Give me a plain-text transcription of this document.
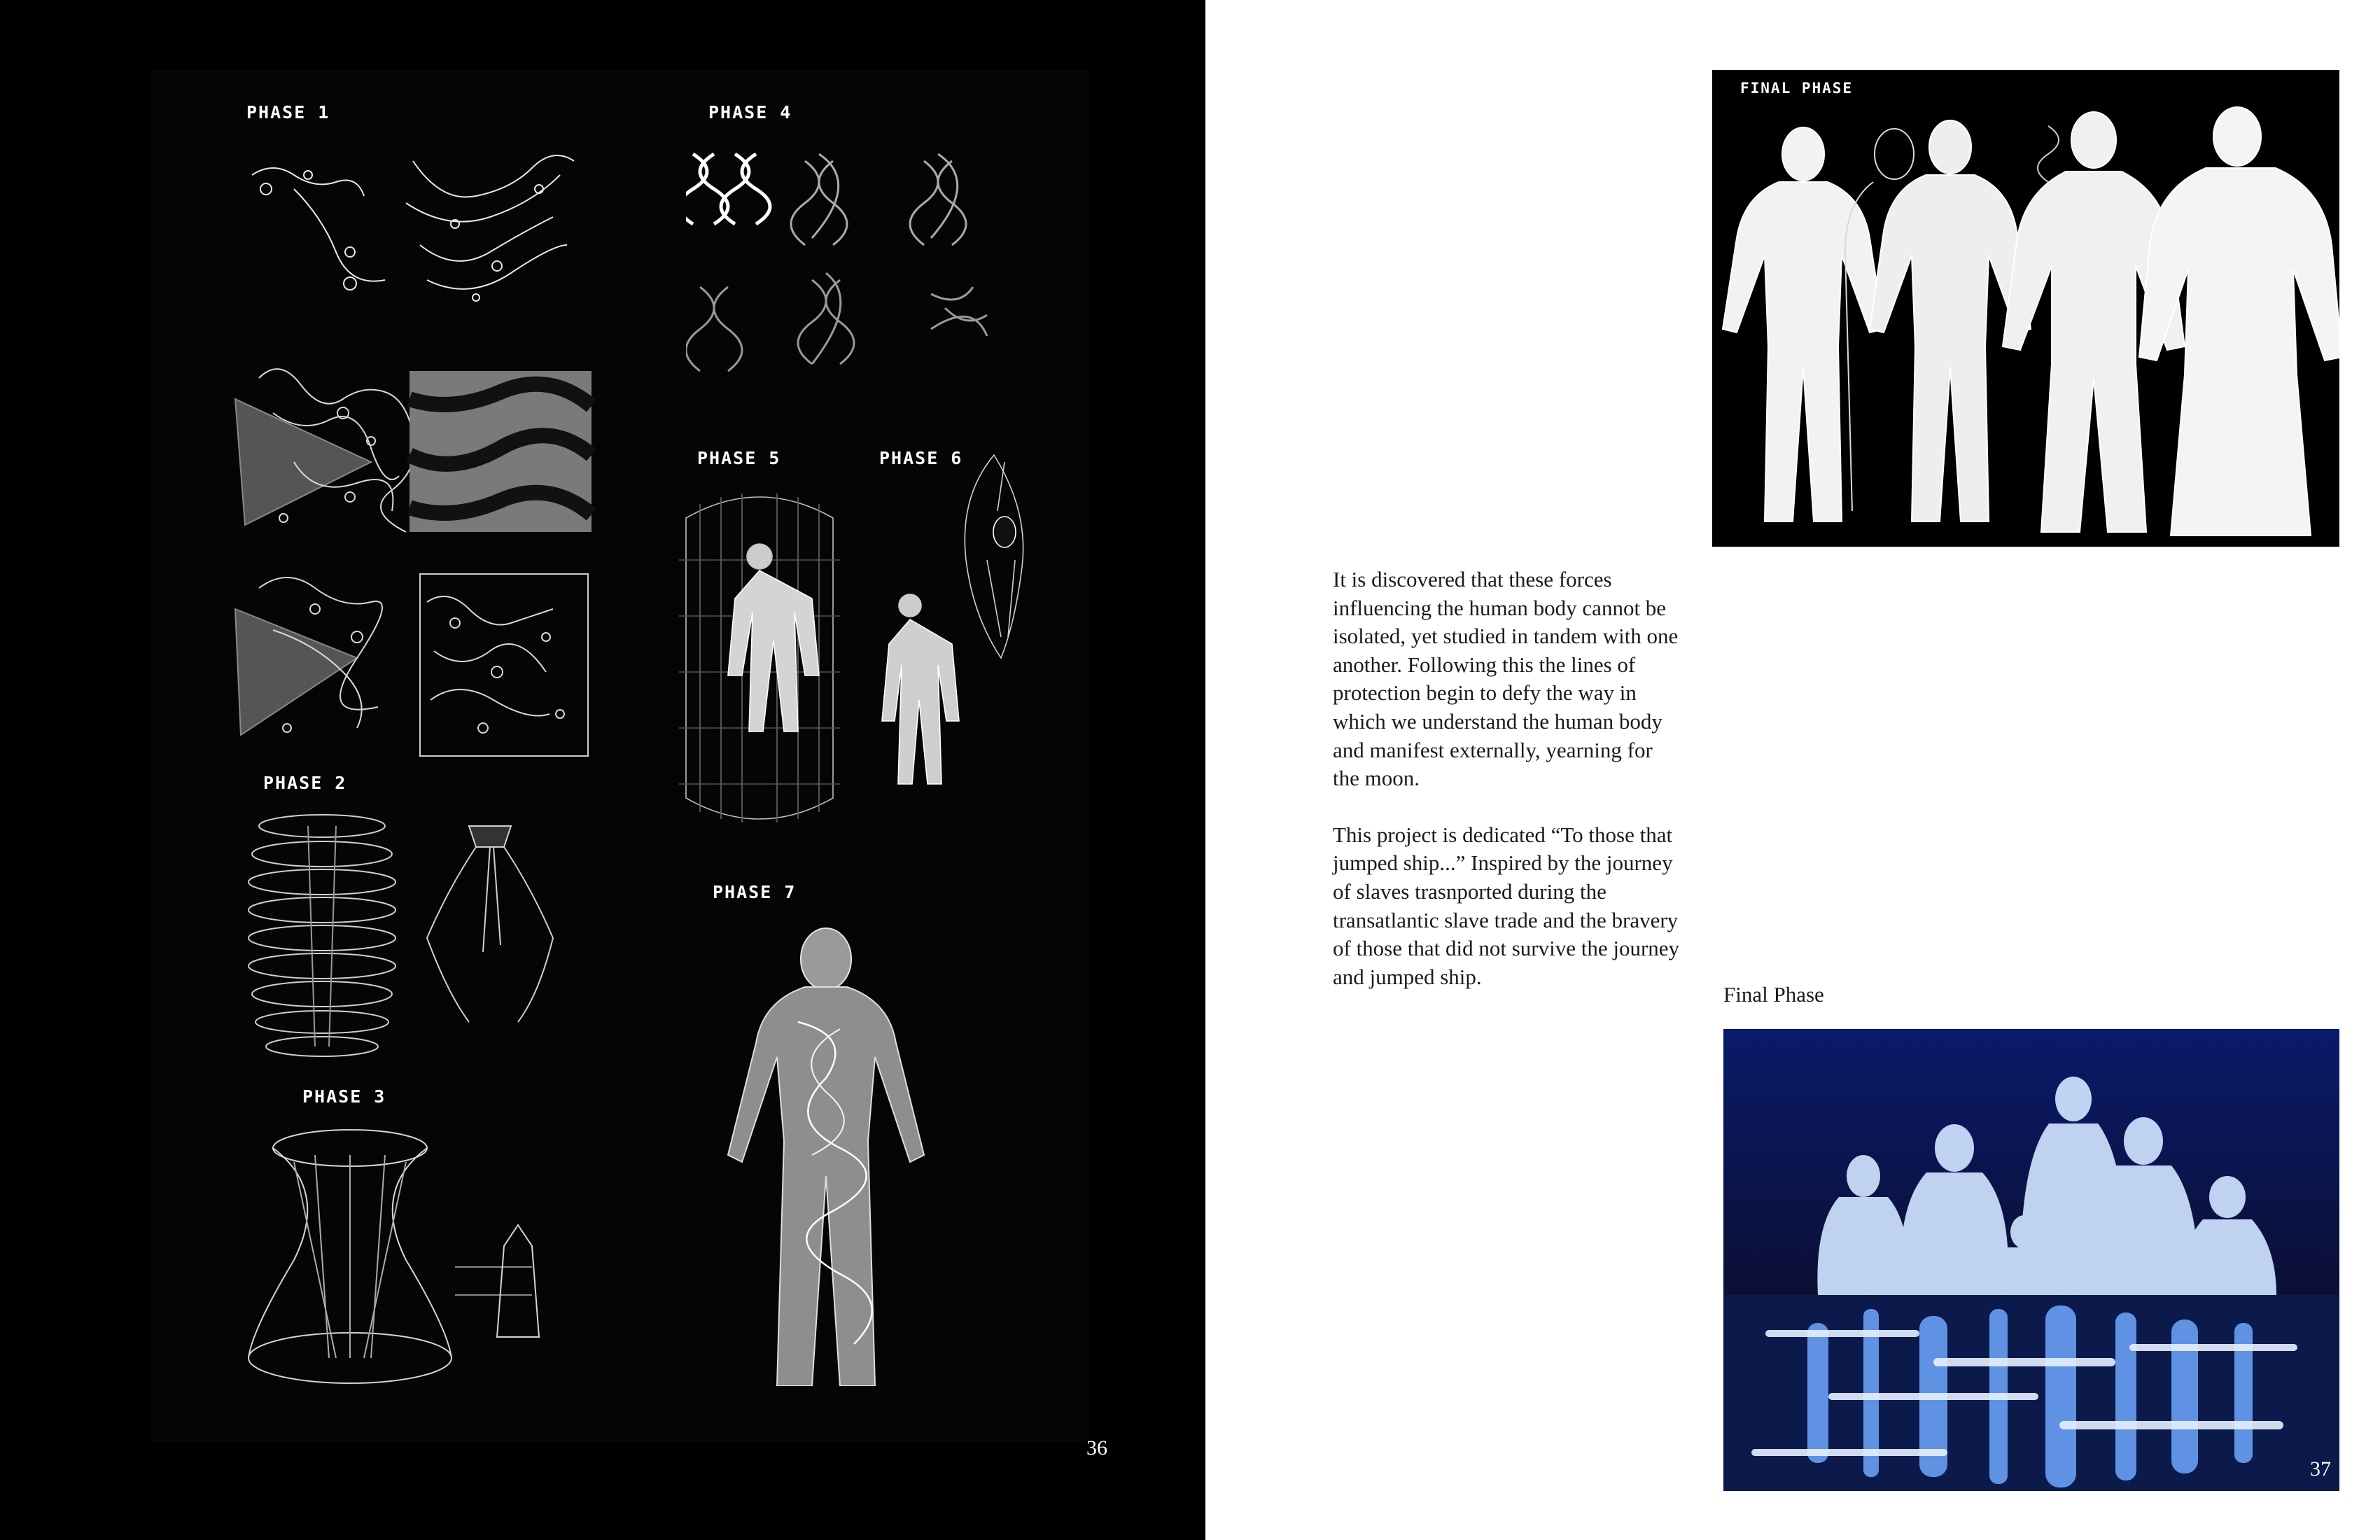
PHASE 1	PHASE 4
PHASE 5	PHASE 6
PHASE 2
PHASE 7
PHASE 3
36
FINAL PHASE

It is discovered that these forces influencing the human body cannot be isolated, yet studied in tandem with one another. Following this the lines of protection begin to defy the way in which we understand the human body and manifest externally, yearning for the moon.

This project is dedicated “To those that jumped ship...” Inspired by the journey of slaves trasnported during the transatlantic slave trade and the bravery of those that did not survive the journey and jumped ship.

Final Phase
37
